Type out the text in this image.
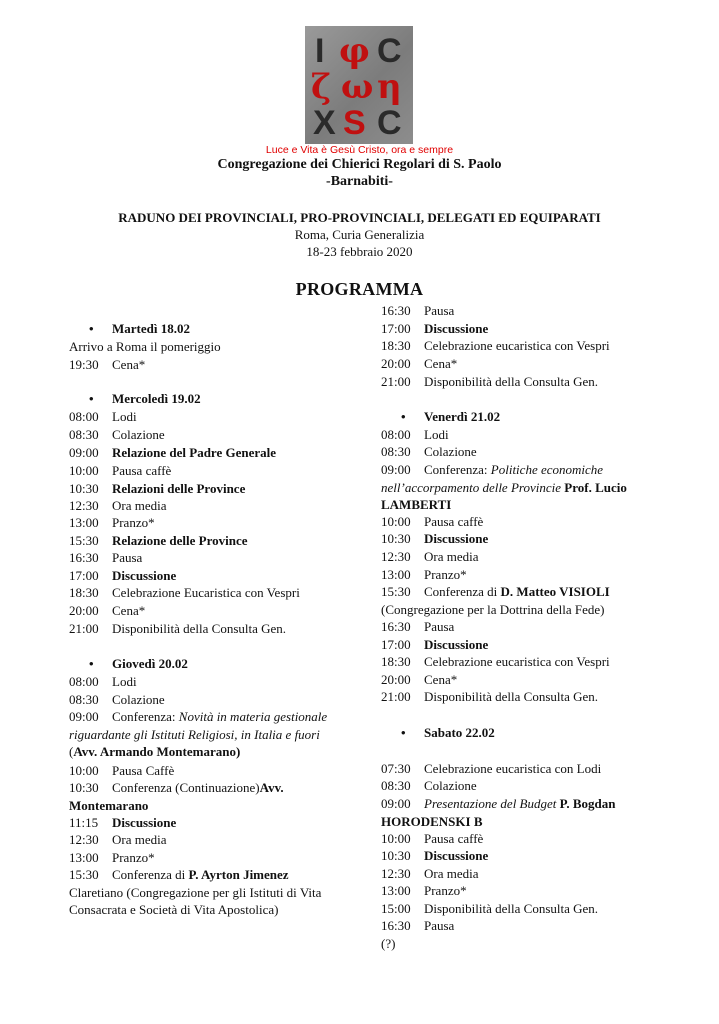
I φ C
ζ ω η
X S C
Luce e Vita è Gesù Cristo, ora e sempre
Congregazione dei Chierici Regolari di S. Paolo
-Barnabiti-
RADUNO DEI PROVINCIALI, PRO-PROVINCIALI, DELEGATI ED EQUIPARATI
Roma, Curia Generalizia
18-23 febbraio 2020
PROGRAMMA
• Martedì 18.02
Arrivo a Roma il pomeriggio
19:30 Cena*
• Mercoledì 19.02
08:00 Lodi
08:30 Colazione
09:00 Relazione del Padre Generale
10:00 Pausa caffè
10:30 Relazioni delle Province
12:30 Ora media
13:00 Pranzo*
15:30 Relazione delle Province
16:30 Pausa
17:00 Discussione
18:30 Celebrazione Eucaristica con Vespri
20:00 Cena*
21:00 Disponibilità della Consulta Gen.
• Giovedì 20.02
08:00 Lodi
08:30 Colazione
09:00 Conferenza: Novità in materia gestionale riguardante gli Istituti Religiosi, in Italia e fuori (Avv. Armando Montemarano)
10:00 Pausa Caffè
10:30 Conferenza (Continuazione)Avv. Montemarano
11:15 Discussione
12:30 Ora media
13:00 Pranzo*
15:30 Conferenza di P. Ayrton Jimenez Claretiano (Congregazione per gli Istituti di Vita Consacrata e Società di Vita Apostolica)
16:30 Pausa
17:00 Discussione
18:30 Celebrazione eucaristica con Vespri
20:00 Cena*
21:00 Disponibilità della Consulta Gen.
• Venerdì 21.02
08:00 Lodi
08:30 Colazione
09:00 Conferenza: Politiche economiche nell’accorpamento delle Provincie Prof. Lucio LAMBERTI
10:00 Pausa caffè
10:30 Discussione
12:30 Ora media
13:00 Pranzo*
15:30 Conferenza di D. Matteo VISIOLI (Congregazione per la Dottrina della Fede)
16:30 Pausa
17:00 Discussione
18:30 Celebrazione eucaristica con Vespri
20:00 Cena*
21:00 Disponibilità della Consulta Gen.
• Sabato 22.02
07:30 Celebrazione eucaristica con Lodi
08:30 Colazione
09:00 Presentazione del Budget P. Bogdan HORODENSKI B
10:00 Pausa caffè
10:30 Discussione
12:30 Ora media
13:00 Pranzo*
15:00 Disponibilità della Consulta Gen.
16:30 Pausa
(?)
